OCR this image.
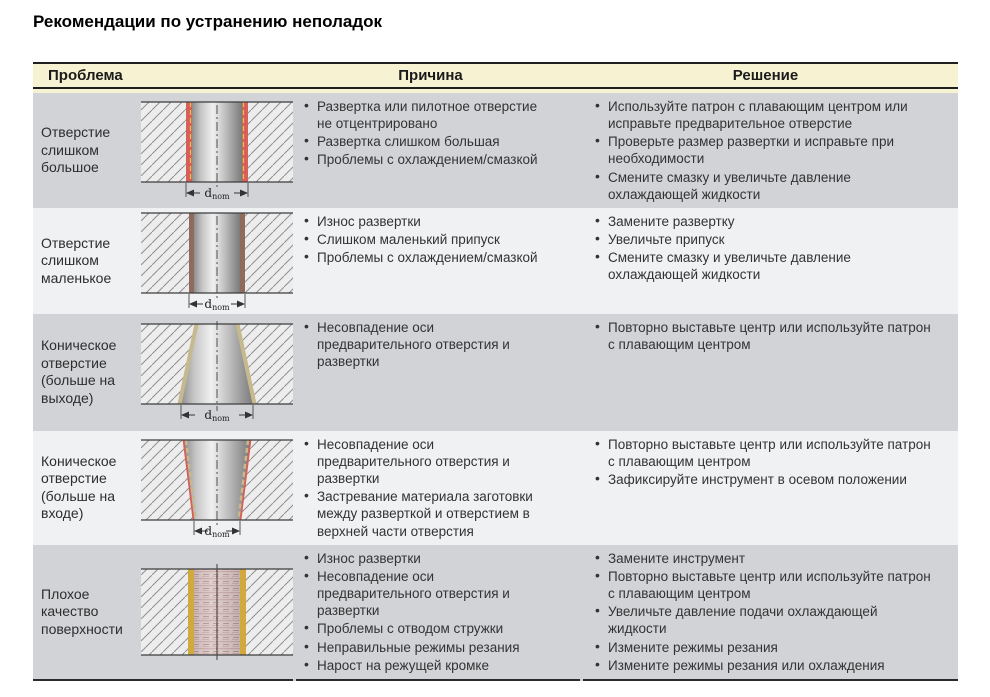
Рекомендации по устранению неполадок
Проблема	Причина	Решение
Отверстие слишком большое
dnom
• Развертка или пилотное отверстие не отцентрировано
• Развертка слишком большая
• Проблемы с охлаждением/смазкой
• Используйте патрон с плавающим центром или исправьте предварительное отверстие
• Проверьте размер развертки и исправьте при необходимости
• Смените смазку и увеличьте давление охлаждающей жидкости
Отверстие слишком маленькое
dnom
• Износ развертки
• Слишком маленький припуск
• Проблемы с охлаждением/смазкой
• Замените развертку
• Увеличьте припуск
• Смените смазку и увеличьте давление охлаждающей жидкости
Коническое отверстие (больше на выходе)
dnom
• Несовпадение оси предварительного отверстия и развертки
• Повторно выставьте центр или используйте патрон с плавающим центром
Коническое отверстие (больше на входе)
dnom
• Несовпадение оси предварительного отверстия и развертки
• Застревание материала заготовки между разверткой и отверстием в верхней части отверстия
• Повторно выставьте центр или используйте патрон с плавающим центром
• Зафиксируйте инструмент в осевом положении
Плохое качество поверхности
• Износ развертки
• Несовпадение оси предварительного отверстия и развертки
• Проблемы с отводом стружки
• Неправильные режимы резания
• Нарост на режущей кромке
• Замените инструмент
• Повторно выставьте центр или используйте патрон с плавающим центром
• Увеличьте давление подачи охлаждающей жидкости
• Измените режимы резания
• Измените режимы резания или охлаждения
